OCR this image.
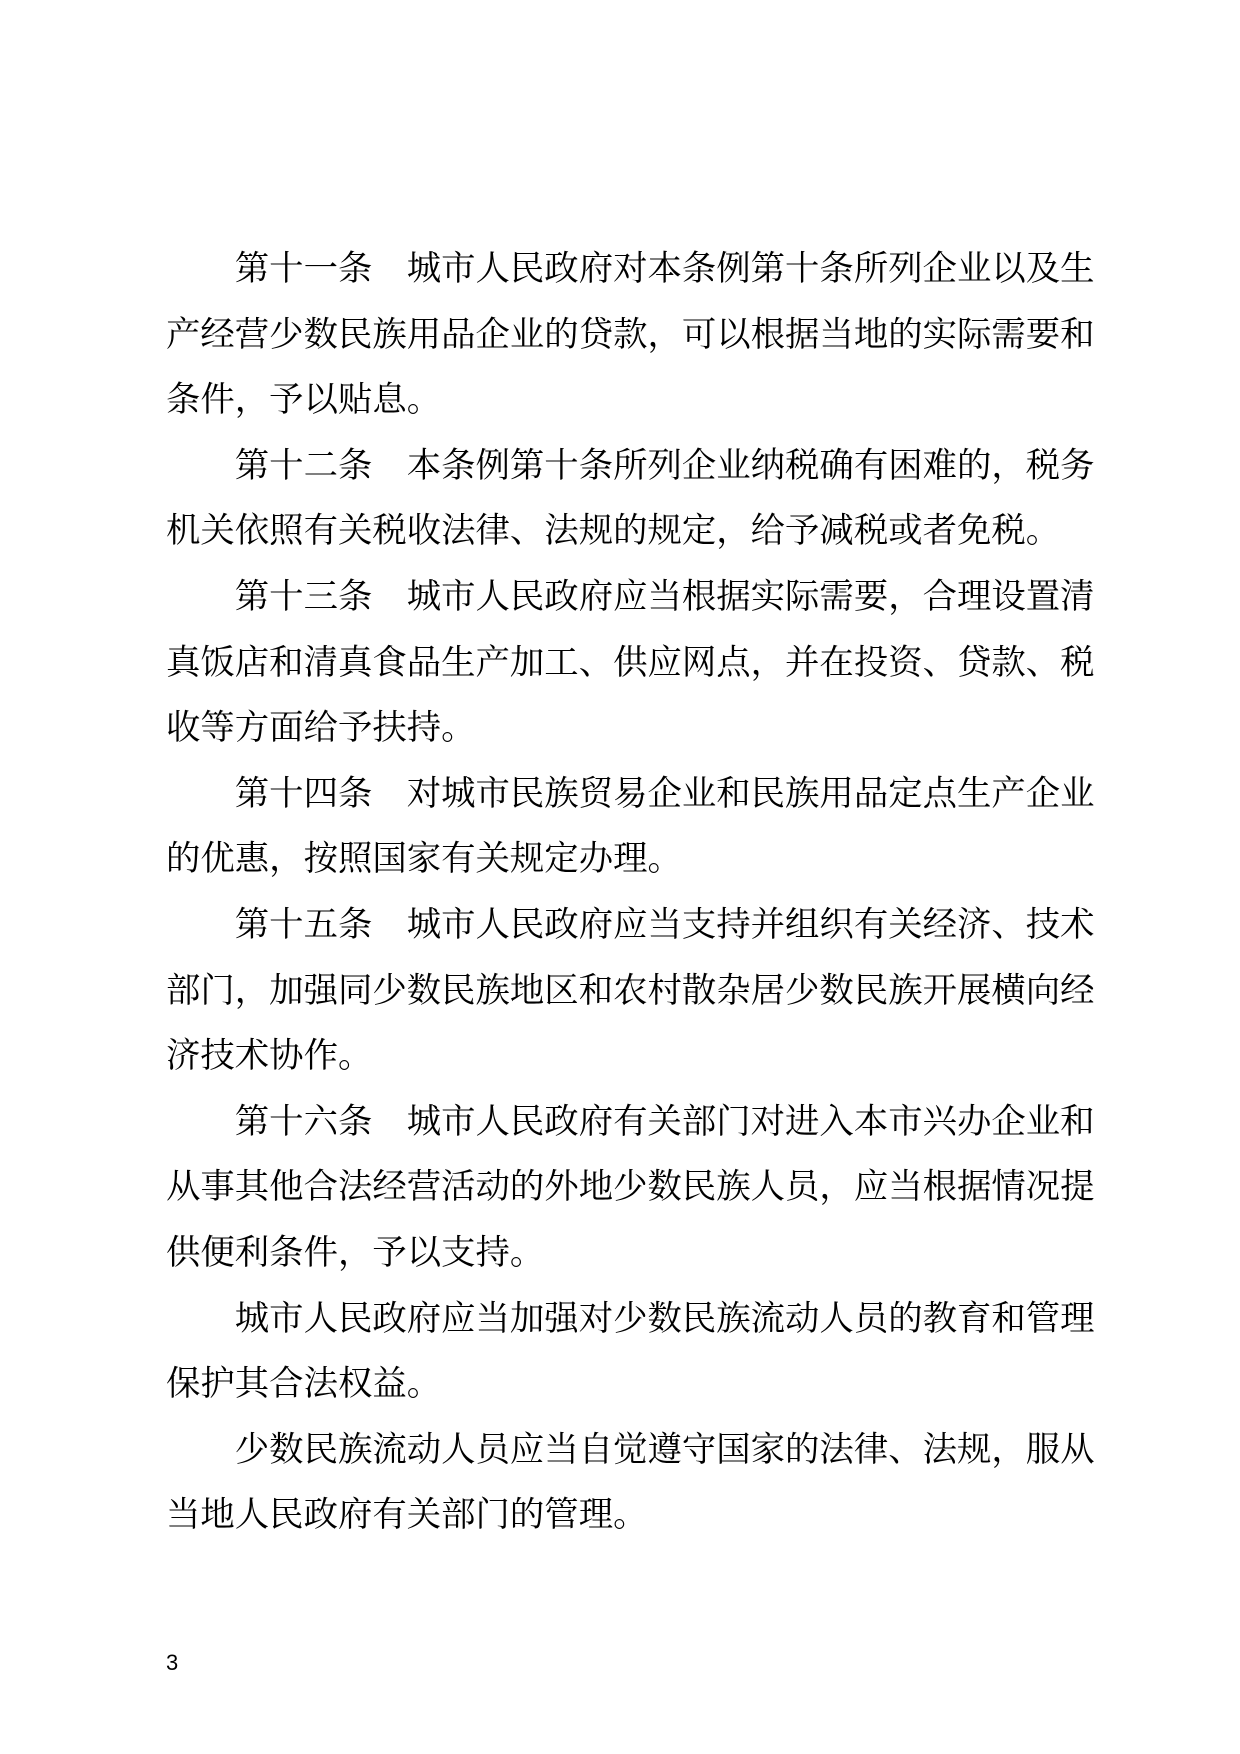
　　第十一条　城市人民政府对本条例第十条所列企业以及生
产经营少数民族用品企业的贷款，可以根据当地的实际需要和
条件，予以贴息。
　　第十二条　本条例第十条所列企业纳税确有困难的，税务
机关依照有关税收法律、法规的规定，给予减税或者免税。
　　第十三条　城市人民政府应当根据实际需要，合理设置清
真饭店和清真食品生产加工、供应网点，并在投资、贷款、税
收等方面给予扶持。
　　第十四条　对城市民族贸易企业和民族用品定点生产企业
的优惠，按照国家有关规定办理。
　　第十五条　城市人民政府应当支持并组织有关经济、技术
部门，加强同少数民族地区和农村散杂居少数民族开展横向经
济技术协作。
　　第十六条　城市人民政府有关部门对进入本市兴办企业和
从事其他合法经营活动的外地少数民族人员，应当根据情况提
供便利条件，予以支持。
　　城市人民政府应当加强对少数民族流动人员的教育和管理
保护其合法权益。
　　少数民族流动人员应当自觉遵守国家的法律、法规，服从
当地人民政府有关部门的管理。
3
